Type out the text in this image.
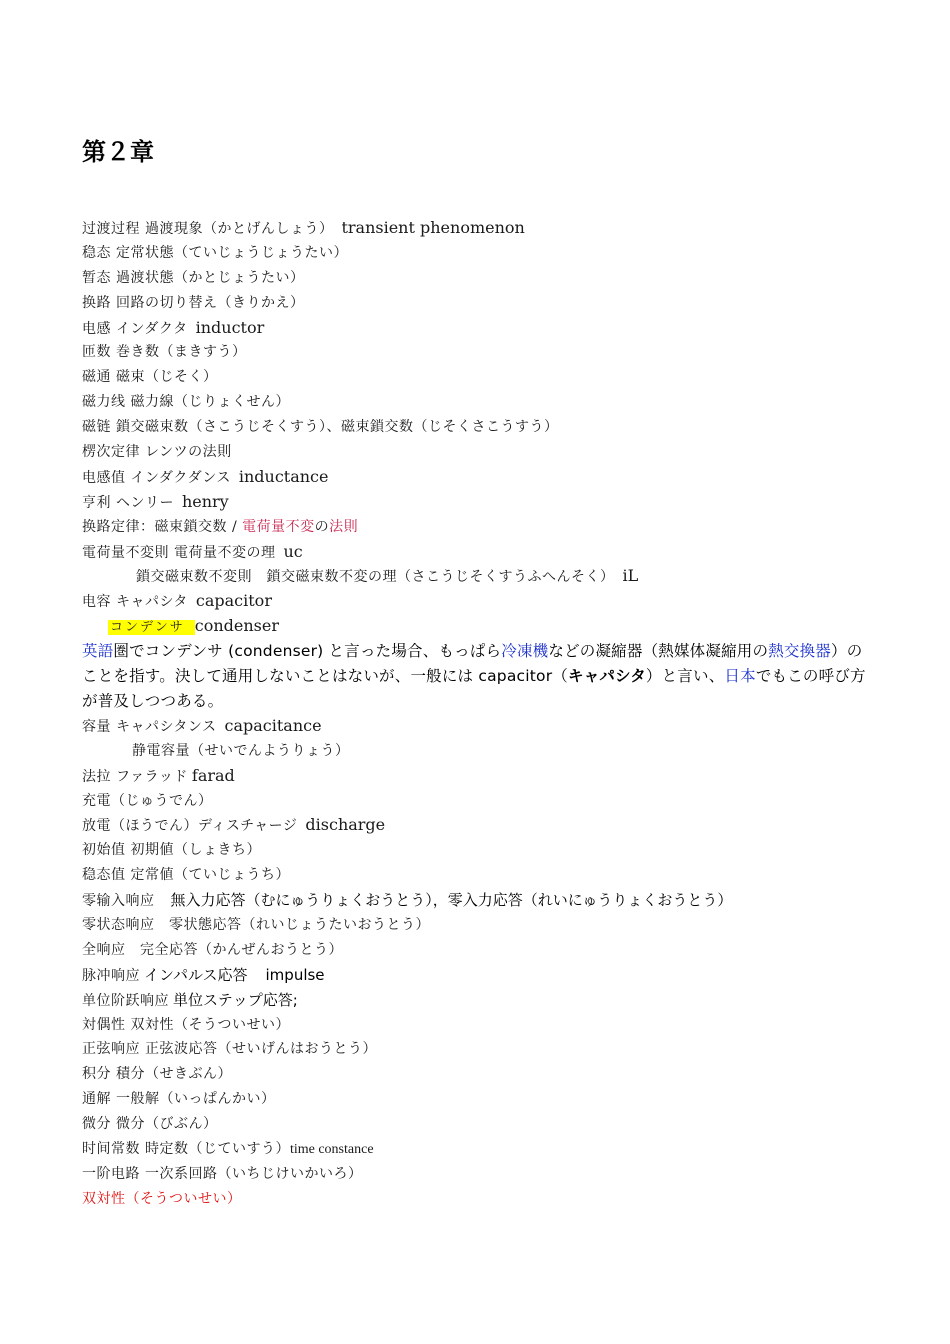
第２章
过渡过程 過渡現象（かとげんしょう） transient phenomenon
稳态 定常状態（ていじょうじょうたい）
暂态 過渡状態（かとじょうたい）
换路 回路の切り替え（きりかえ）
电感 インダクタ inductor
匝数 巻き数（まきすう）
磁通 磁束（じそく）
磁力线 磁力線（じりょくせん）
磁链 鎖交磁束数（さこうじそくすう）、磁束鎖交数（じそくさこうすう）
楞次定律 レンツの法則
电感值 インダクダンス inductance
亨利 ヘンリー henry
换路定律：磁束鎖交数 / 電荷量不変の法則
電荷量不変則 電荷量不変の理 uc
鎖交磁束数不変則　鎖交磁束数不変の理（さこうじそくすうふへんそく） iL
电容 キャパシタ capacitor
コンデンサ condenser
英語圏でコンデンサ (condenser) と言った場合、もっぱら冷凍機などの凝縮器（熱媒体凝縮用の熱交換器）のことを指す。決して通用しないことはないが、一般には capacitor（キャパシタ）と言い、日本でもこの呼び方が普及しつつある。
容量 キャパシタンス capacitance
静電容量（せいでんようりょう）
法拉 ファラッド farad
充電（じゅうでん）
放電（ほうでん）ディスチャージ discharge
初始值 初期値（しょきち）
稳态值 定常値（ていじょうち）
零输入响应 無入力応答（むにゅうりょくおうとう），零入力応答（れいにゅうりょくおうとう）
零状态响应　零状態応答（れいじょうたいおうとう）
全响应　完全応答（かんぜんおうとう）
脉冲响应 インパルス応答 impulse
单位阶跃响应 単位ステップ応答;
対偶性 双対性（そうついせい）
正弦响应 正弦波応答（せいげんはおうとう）
积分 積分（せきぶん）
通解 一般解（いっぱんかい）
微分 微分（びぶん）
时间常数 時定数（じていすう）time constance
一阶电路 一次系回路（いちじけいかいろ）
双対性（そうついせい）
